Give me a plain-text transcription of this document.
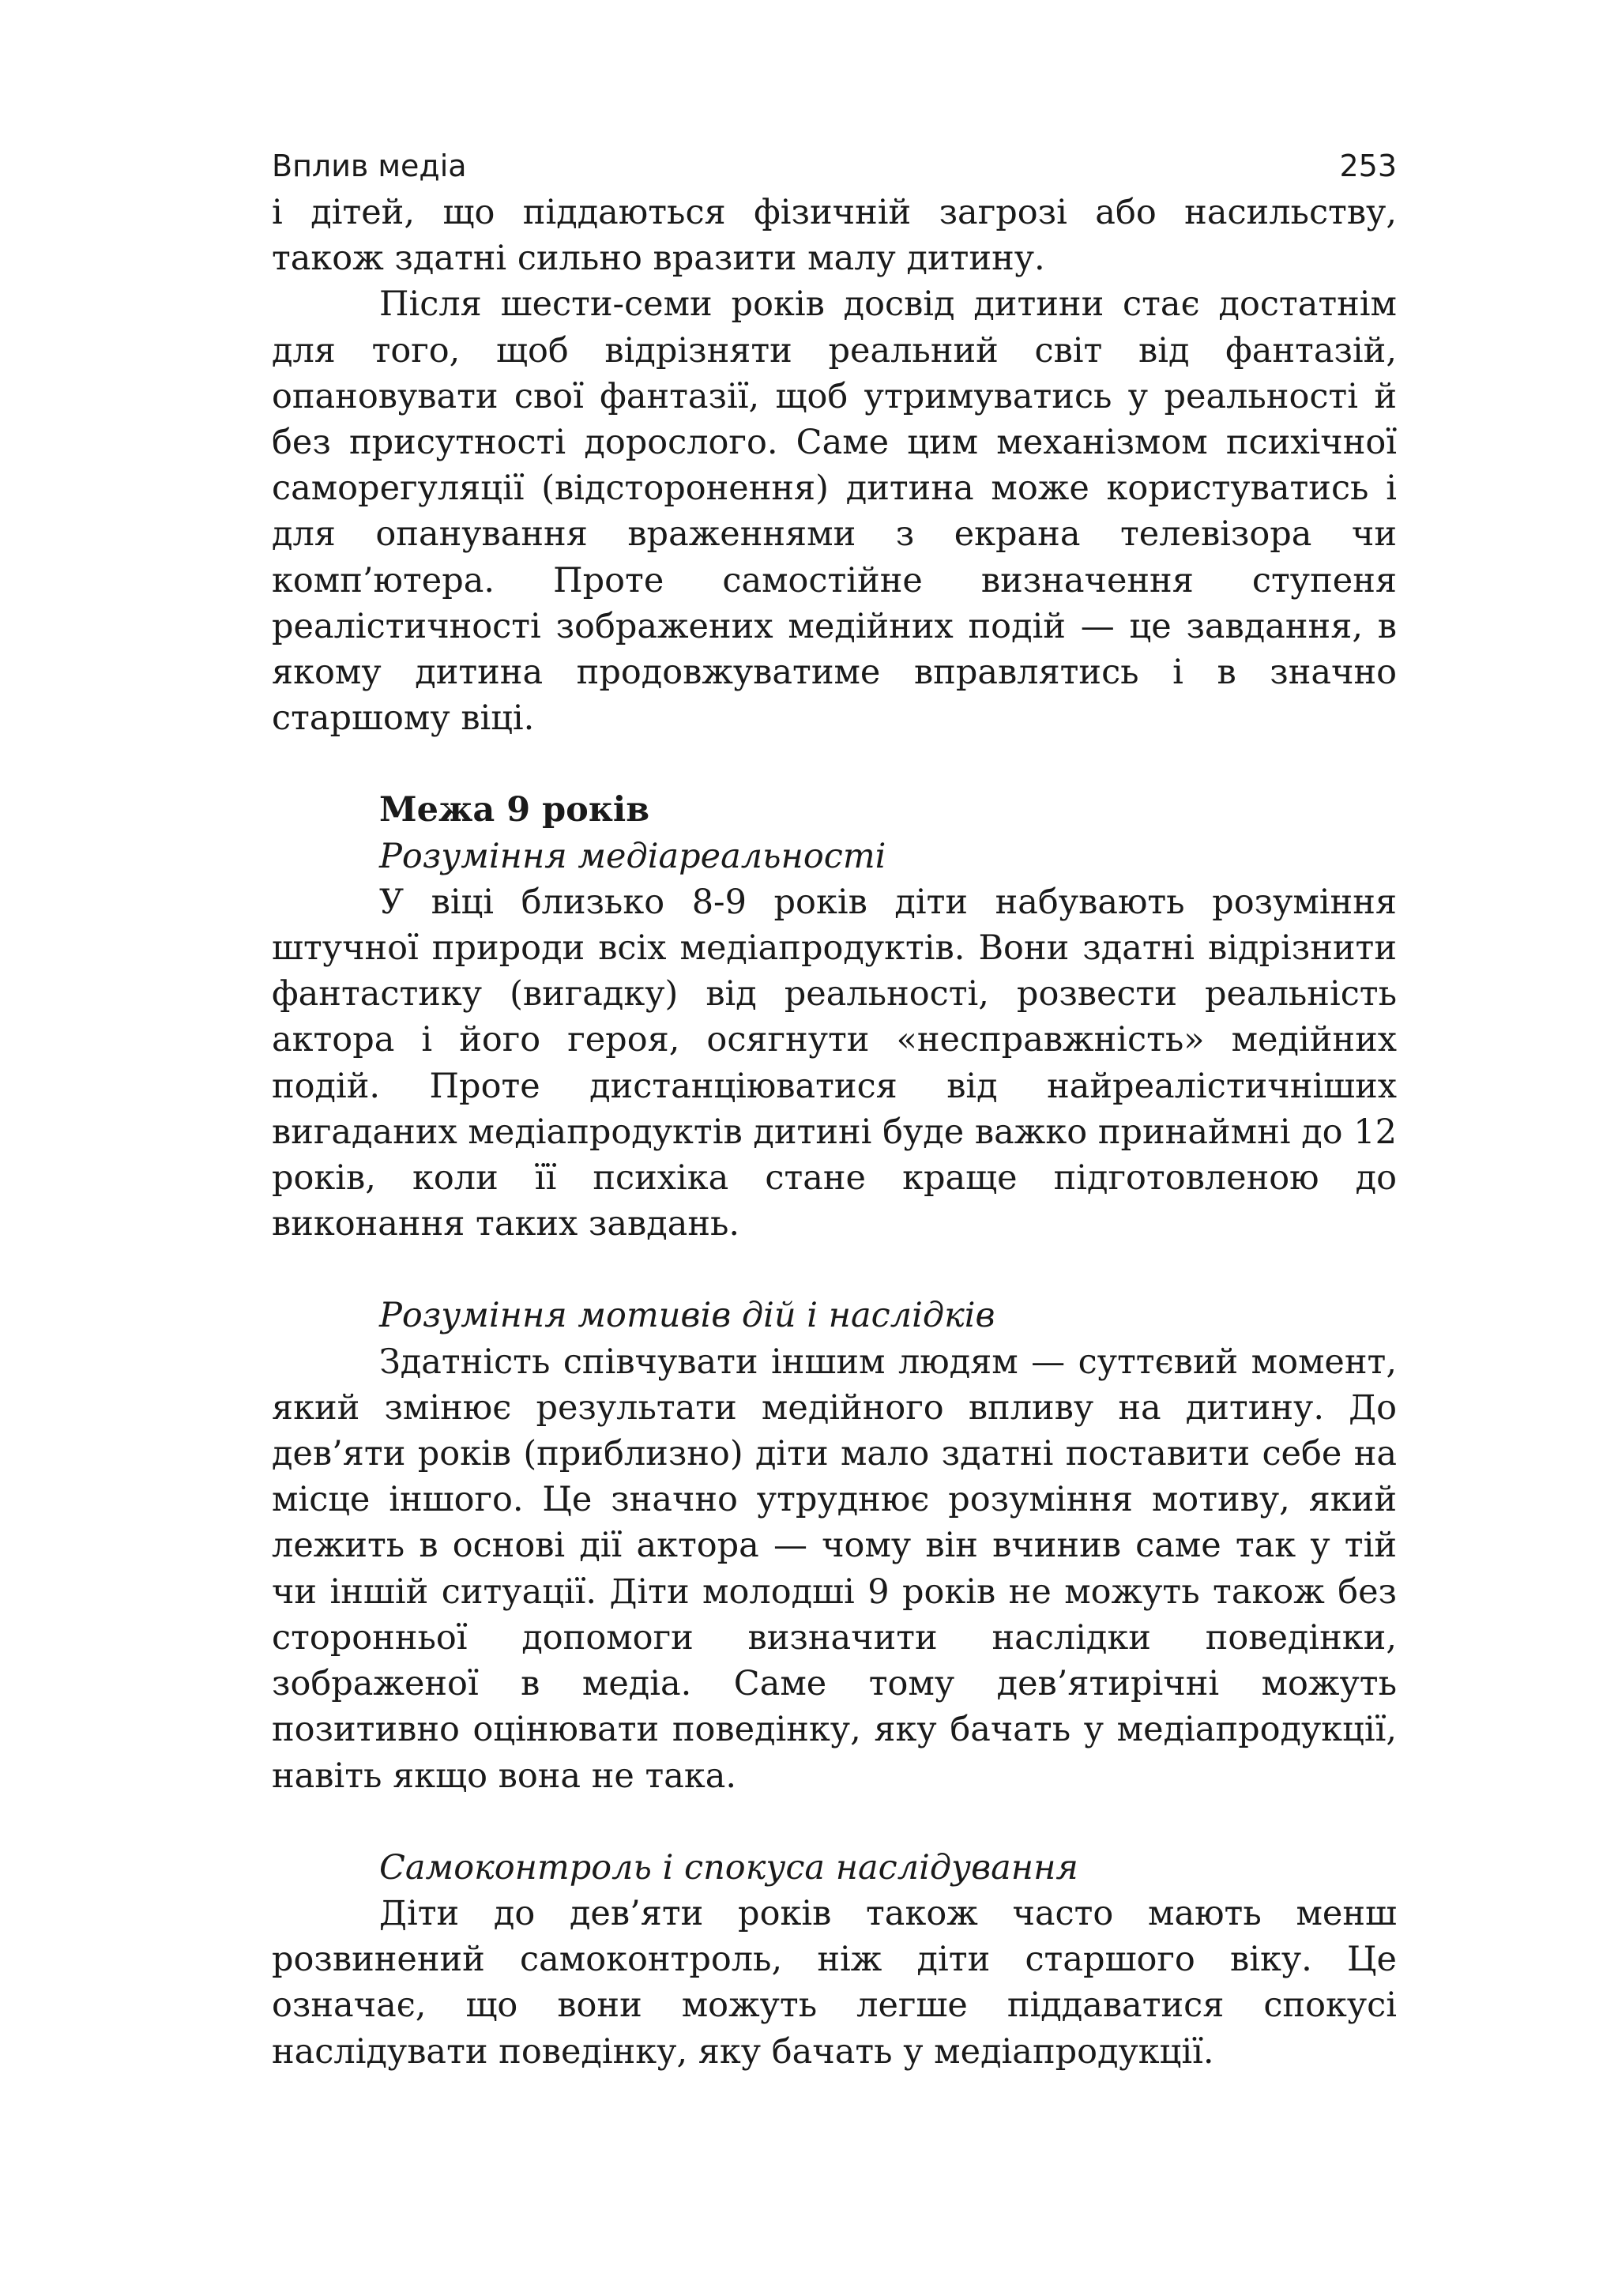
Вплив медіа	253

і дітей, що піддаються фізичній загрозі або насильству, також здатні сильно вразити малу дитину.

Після шести-семи років досвід дитини стає достатнім для того, щоб відрізняти реальний світ від фантазій, опановувати свої фантазії, щоб утримуватись у реальності й без присутності дорослого. Саме цим механізмом психічної саморегуляції (відсторонення) дитина може користуватись і для опанування враженнями з екрана телевізора чи комп’ютера. Проте самостійне визначення ступеня реалістичності зображених медійних подій — це завдання, в якому дитина продовжуватиме вправлятись і в значно старшому віці.

Межа 9 років
Розуміння медіареальності

У віці близько 8-9 років діти набувають розуміння штучної природи всіх медіапродуктів. Вони здатні відрізнити фантастику (вигадку) від реальності, розвести реальність актора і його героя, осягнути «несправжність» медійних подій. Проте дистанціюватися від найреалістичніших вигаданих медіапродуктів дитині буде важко принаймні до 12 років, коли її психіка стане краще підготовленою до виконання таких завдань.

Розуміння мотивів дій і наслідків

Здатність співчувати іншим людям — суттєвий момент, який змінює результати медійного впливу на дитину. До дев’яти років (приблизно) діти мало здатні поставити себе на місце іншого. Це значно утруднює розуміння мотиву, який лежить в основі дії актора — чому він вчинив саме так у тій чи іншій ситуації. Діти молодші 9 років не можуть також без сторонньої допомоги визначити наслідки поведінки, зображеної в медіа. Саме тому дев’ятирічні можуть позитивно оцінювати поведінку, яку бачать у медіапродукції, навіть якщо вона не така.

Самоконтроль і спокуса наслідування

Діти до дев’яти років також часто мають менш розвинений самоконтроль, ніж діти старшого віку. Це означає, що вони можуть легше піддаватися спокусі наслідувати поведінку, яку бачать у медіапродукції.
